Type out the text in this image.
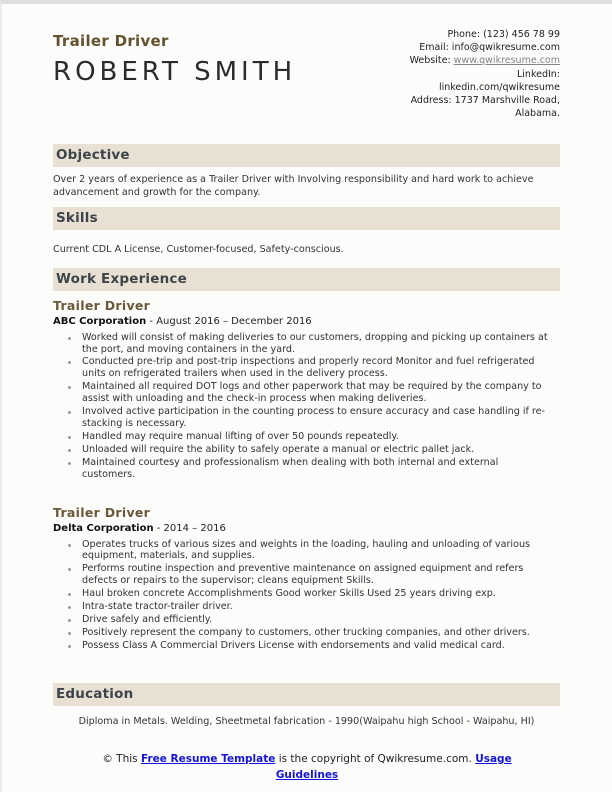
Trailer Driver
ROBERT SMITH
Phone: (123) 456 78 99
Email: info@qwikresume.com
Website: www.qwikresume.com
LinkedIn:
linkedin.com/qwikresume
Address: 1737 Marshville Road,
Alabama.
Objective

Over 2 years of experience as a Trailer Driver with Involving responsibility and hard work to achieve advancement and growth for the company.

Skills

Current CDL A License, Customer-focused, Safety-conscious.

Work Experience
Trailer Driver

ABC Corporation - August 2016 – December 2016

Worked will consist of making deliveries to our customers, dropping and picking up containers at the port, and moving containers in the yard.
Conducted pre-trip and post-trip inspections and properly record Monitor and fuel refrigerated units on refrigerated trailers when used in the delivery process.
Maintained all required DOT logs and other paperwork that may be required by the company to assist with unloading and the check-in process when making deliveries.
Involved active participation in the counting process to ensure accuracy and case handling if re-stacking is necessary.
Handled may require manual lifting of over 50 pounds repeatedly.
Unloaded will require the ability to safely operate a manual or electric pallet jack.
Maintained courtesy and professionalism when dealing with both internal and external customers.
Trailer Driver

Delta Corporation - 2014 – 2016

Operates trucks of various sizes and weights in the loading, hauling and unloading of various equipment, materials, and supplies.
Performs routine inspection and preventive maintenance on assigned equipment and refers defects or repairs to the supervisor; cleans equipment Skills.
Haul broken concrete Accomplishments Good worker Skills Used 25 years driving exp.
Intra-state tractor-trailer driver.
Drive safely and efficiently.
Positively represent the company to customers, other trucking companies, and other drivers.
Possess Class A Commercial Drivers License with endorsements and valid medical card.
Education

Diploma in Metals. Welding, Sheetmetal fabrication - 1990(Waipahu high School - Waipahu, HI)

© This Free Resume Template is the copyright of Qwikresume.com. Usage Guidelines
